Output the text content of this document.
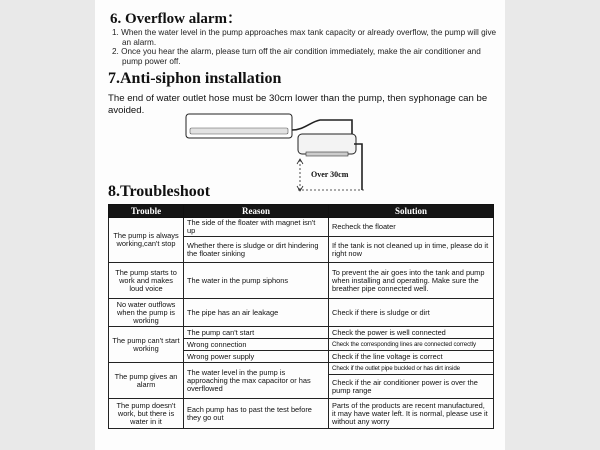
6. Overflow alarm：

1. When the water level in the pump approaches max tank capacity or already overflow, the pump will give an alarm.

2. Once you hear the alarm, please turn off the air condition immediately, make the air conditioner and pump power off.

7.Anti-siphon installation
The end of water outlet hose must be 30cm lower than the pump, then syphonage can be avoided.
Over 30cm
8.Troubleshoot
Trouble	Reason	Solution
The pump is always working,can't stop	The side of the floater with magnet isn't up	Recheck the floater
	Whether there is sludge or dirt hindering the floater sinking	If the tank is not cleaned up in time, please do it right now
The pump starts to work and makes loud voice	The water in the pump siphons	To prevent the air goes into the tank and pump when installing and operating. Make sure the breather pipe connected well.
No water outflows when the pump is working	The pipe has an air leakage	Check if there is sludge or dirt
The pump can't start working	The pump can't start	Check the power is well connected
	Wrong connection	Check the corresponding lines are connected correctly
	Wrong power supply	Check if the line voltage is correct
The pump gives an alarm	The water level in the pump is approaching the max capacitor or has overflowed	Check if the outlet pipe buckled or has dirt inside
		Check if the air conditioner power is over the pump range
The pump doesn't work, but there is water in it	Each pump has to past the test before they go out	Parts of the products are recent manufactured, it may have water left. It is normal, please use it without any worry
